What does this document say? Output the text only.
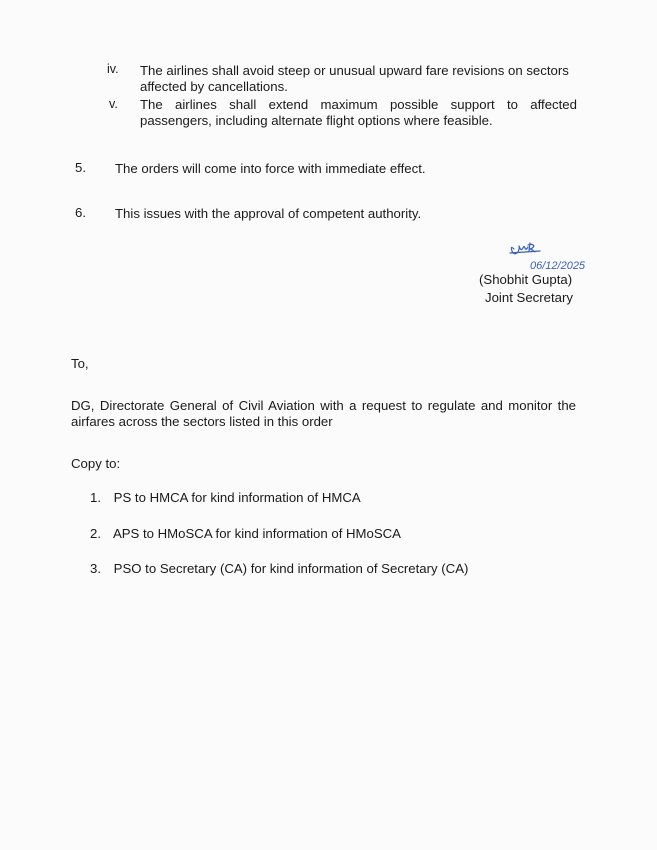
iv. The airlines shall avoid steep or unusual upward fare revisions on sectors
affected by cancellations.
v. The airlines shall extend maximum possible support to affected
passengers, including alternate flight options where feasible.
5. The orders will come into force with immediate effect.
6. This issues with the approval of competent authority.
06/12/2025
(Shobhit Gupta)
Joint Secretary
To,
DG, Directorate General of Civil Aviation with a request to regulate and monitor the
airfares across the sectors listed in this order
Copy to:
1. PS to HMCA for kind information of HMCA
2. APS to HMoSCA for kind information of HMoSCA
3. PSO to Secretary (CA) for kind information of Secretary (CA)
